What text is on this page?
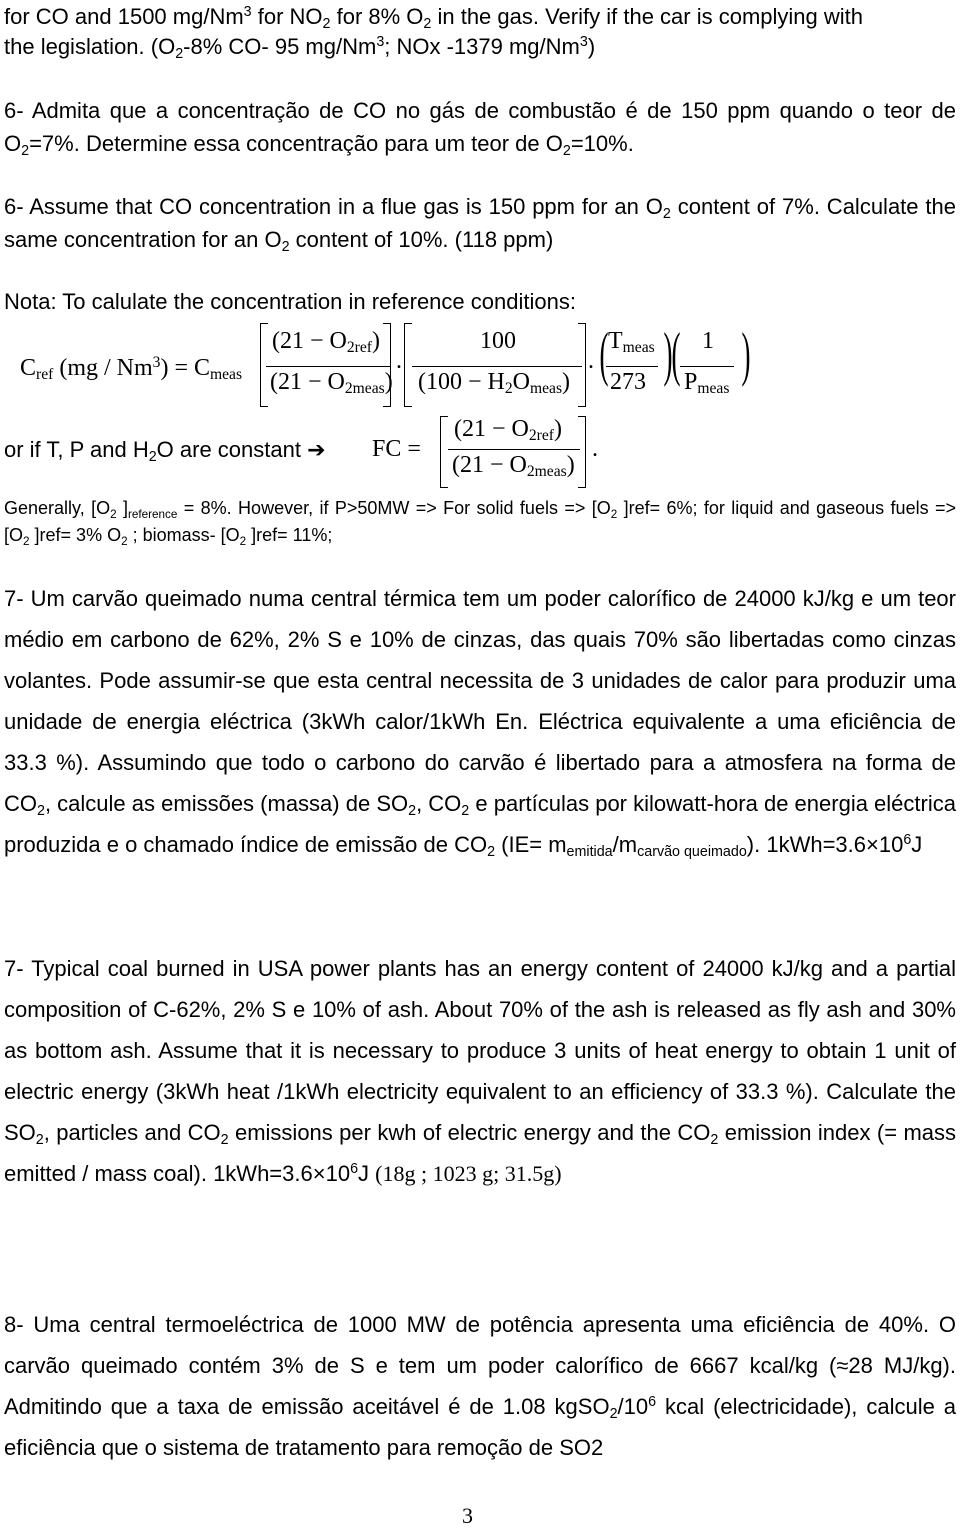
for CO and 1500 mg/Nm$^3$ for $NO_2$ for 8% $O_2$ in the gas. Verify if the car is complying with
the legislation. ($O_2-8\%$ CO- 95 mg/Nm$^3$; NOx -1379 mg/Nm$^3$)

6- Admita que a concentração de CO no gás de combustão é de 150 ppm quando o teor de $O_2=7\%$. Determine essa concentração para um teor de $O_2=10\%$.

6- Assume that CO concentration in a flue gas is 150 ppm for an $O_2$ content of 7%. Calculate the same concentration for an $O_2$ content of 10%. (118 ppm)

Nota: To calulate the concentration in reference conditions:

$C_{ref}$ $(mg / Nm^3) = C_{meas}$
$(21 - O_{2ref})$
$(21 - O_{2meas})$
.
100
$(100 - H_2O_{meas})$
. ( $T_{meas}$
273 ) ( 1
$P_{meas}$
)
or if T, P and $H_2O$ are constant ➔ FC =
$(21 - O_{2ref})$
$(21 - O_{2meas})$
.

Generally, [$O_2$ ]$_{reference} = 8\%$. However, if P>50MW => For solid fuels => [$O_2$ ]ref= 6%; for liquid and gaseous fuels => [$O_2$ ]ref= 3% $O_2$ ; biomass- [$O_2$ ]ref= 11%;

7- Um carvão queimado numa central térmica tem um poder calorífico de 24000 kJ/kg e um teor médio em carbono de 62%, 2% S e 10% de cinzas, das quais 70% são libertadas como cinzas volantes. Pode assumir-se que esta central necessita de 3 unidades de calor para produzir uma unidade de energia eléctrica (3kWh calor/1kWh En. Eléctrica equivalente a uma eficiência de 33.3 %). Assumindo que todo o carbono do carvão é libertado para a atmosfera na forma de $CO_2$, calcule as emissões (massa) de $SO_2$, $CO_2$ e partículas por kilowatt-hora de energia eléctrica produzida e o chamado índice de emissão de $CO_2$ $(IE= m_{emitida}/m_{carvão queimado})$. $1kWh=3.6\times 10^6J$

7- Typical coal burned in USA power plants has an energy content of 24000 kJ/kg and a partial composition of C-62%, 2% S e 10% of ash. About 70% of the ash is released as fly ash and 30% as bottom ash. Assume that it is necessary to produce 3 units of heat energy to obtain 1 unit of electric energy (3kWh heat /1kWh electricity equivalent to an efficiency of 33.3 %). Calculate the $SO_2$, particles and $CO_2$ emissions per kwh of electric energy and the $CO_2$ emission index (= mass emitted / mass coal). $1kWh=3.6\times 10^6J$ (18g ; 1023 g; 31.5g)

8- Uma central termoeléctrica de 1000 MW de potência apresenta uma eficiência de 40%. O carvão queimado contém 3% de S e tem um poder calorífico de 6667 kcal/kg (≈28 MJ/kg). Admitindo que a taxa de emissão aceitável é de 1.08 $kgSO_2/10^6$ kcal (electricidade), calcule a eficiência que o sistema de tratamento para remoção de SO2

3
